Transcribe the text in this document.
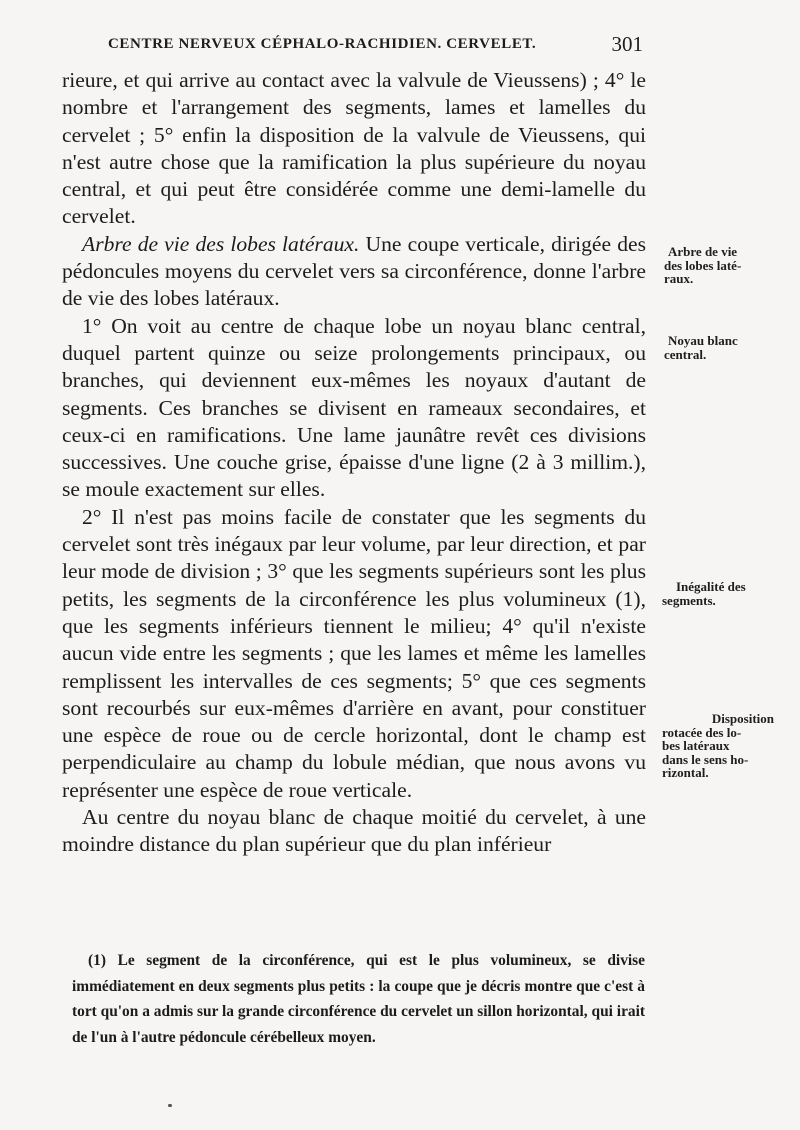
CENTRE NERVEUX CÉPHALO-RACHIDIEN. CERVELET.	301

rieure, et qui arrive au contact avec la valvule de Vieussens) ; 4° le nombre et l'arrangement des segments, lames et lamelles du cervelet ; 5° enfin la disposition de la valvule de Vieussens, qui n'est autre chose que la ramification la plus supérieure du noyau central, et qui peut être considérée comme une demi-lamelle du cervelet.

Arbre de vie des lobes latéraux. Une coupe verticale, dirigée des pédoncules moyens du cervelet vers sa circonférence, donne l'arbre de vie des lobes latéraux.

1° On voit au centre de chaque lobe un noyau blanc central, duquel partent quinze ou seize prolongements principaux, ou branches, qui deviennent eux-mêmes les noyaux d'autant de segments. Ces branches se divisent en rameaux secondaires, et ceux-ci en ramifications. Une lame jaunâtre revêt ces divisions successives. Une couche grise, épaisse d'une ligne (2 à 3 millim.), se moule exactement sur elles.

2° Il n'est pas moins facile de constater que les segments du cervelet sont très inégaux par leur volume, par leur direction, et par leur mode de division ; 3° que les segments supérieurs sont les plus petits, les segments de la circonférence les plus volumineux (1), que les segments inférieurs tiennent le milieu; 4° qu'il n'existe aucun vide entre les segments ; que les lames et même les lamelles remplissent les intervalles de ces segments; 5° que ces segments sont recourbés sur eux-mêmes d'arrière en avant, pour constituer une espèce de roue ou de cercle horizontal, dont le champ est perpendiculaire au champ du lobule médian, que nous avons vu représenter une espèce de roue verticale.

Au centre du noyau blanc de chaque moitié du cervelet, à une moindre distance du plan supérieur que du plan inférieur

Arbre de vie
des lobes laté-
raux.
Noyau blanc
central.
Inégalité des
segments.
Disposition
rotacée des lo-
bes latéraux
dans le sens ho-
rizontal.

(1) Le segment de la circonférence, qui est le plus volumineux, se divise immédiatement en deux segments plus petits : la coupe que je décris montre que c'est à tort qu'on a admis sur la grande circonférence du cervelet un sillon horizontal, qui irait de l'un à l'autre pédoncule cérébelleux moyen.
